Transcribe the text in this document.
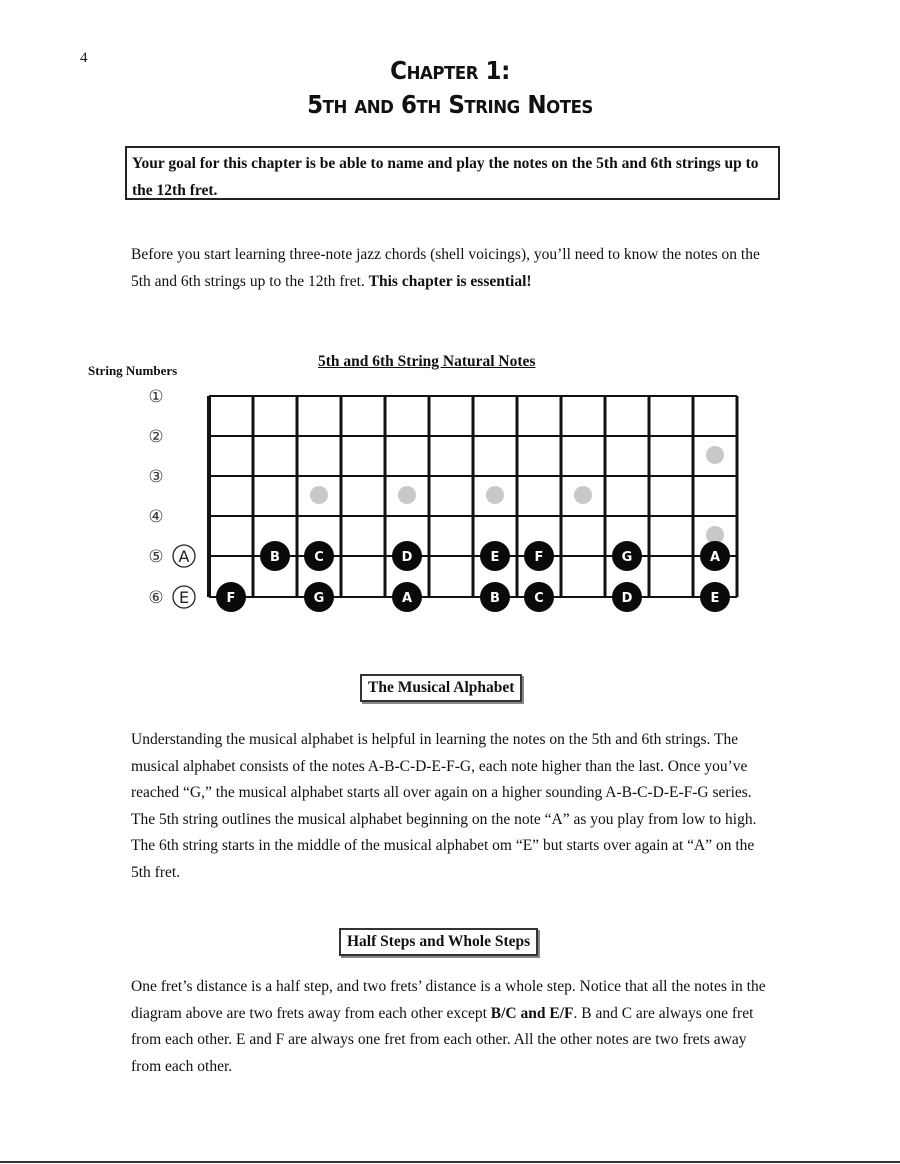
4	Chapter 1:
5th and 6th String Notes
Your goal for this chapter is be able to name and play the notes on the 5th and 6th strings up to the 12th fret.
Before you start learning three-note jazz chords (shell voicings), you’ll need to know the notes on the 5th and 6th strings up to the 12th fret. This chapter is essential!
String Numbers
5th and 6th String Natural Notes
①
②
③
④
⑤
⑥
A
E
B	C	D	E	F	G	A
F	G	A	B	C	D	E
The Musical Alphabet
Understanding the musical alphabet is helpful in learning the notes on the 5th and 6th strings. The musical alphabet consists of the notes A-B-C-D-E-F-G, each note higher than the last. Once you’ve reached “G,” the musical alphabet starts all over again on a higher sounding A-B-C-D-E-F-G series. The 5th string outlines the musical alphabet beginning on the note “A” as you play from low to high. The 6th string starts in the middle of the musical alphabet om “E” but starts over again at “A” on the 5th fret.
Half Steps and Whole Steps
One fret’s distance is a half step, and two frets’ distance is a whole step. Notice that all the notes in the diagram above are two frets away from each other except B/C and E/F. B and C are always one fret from each other. E and F are always one fret from each other. All the other notes are two frets away from each other.
